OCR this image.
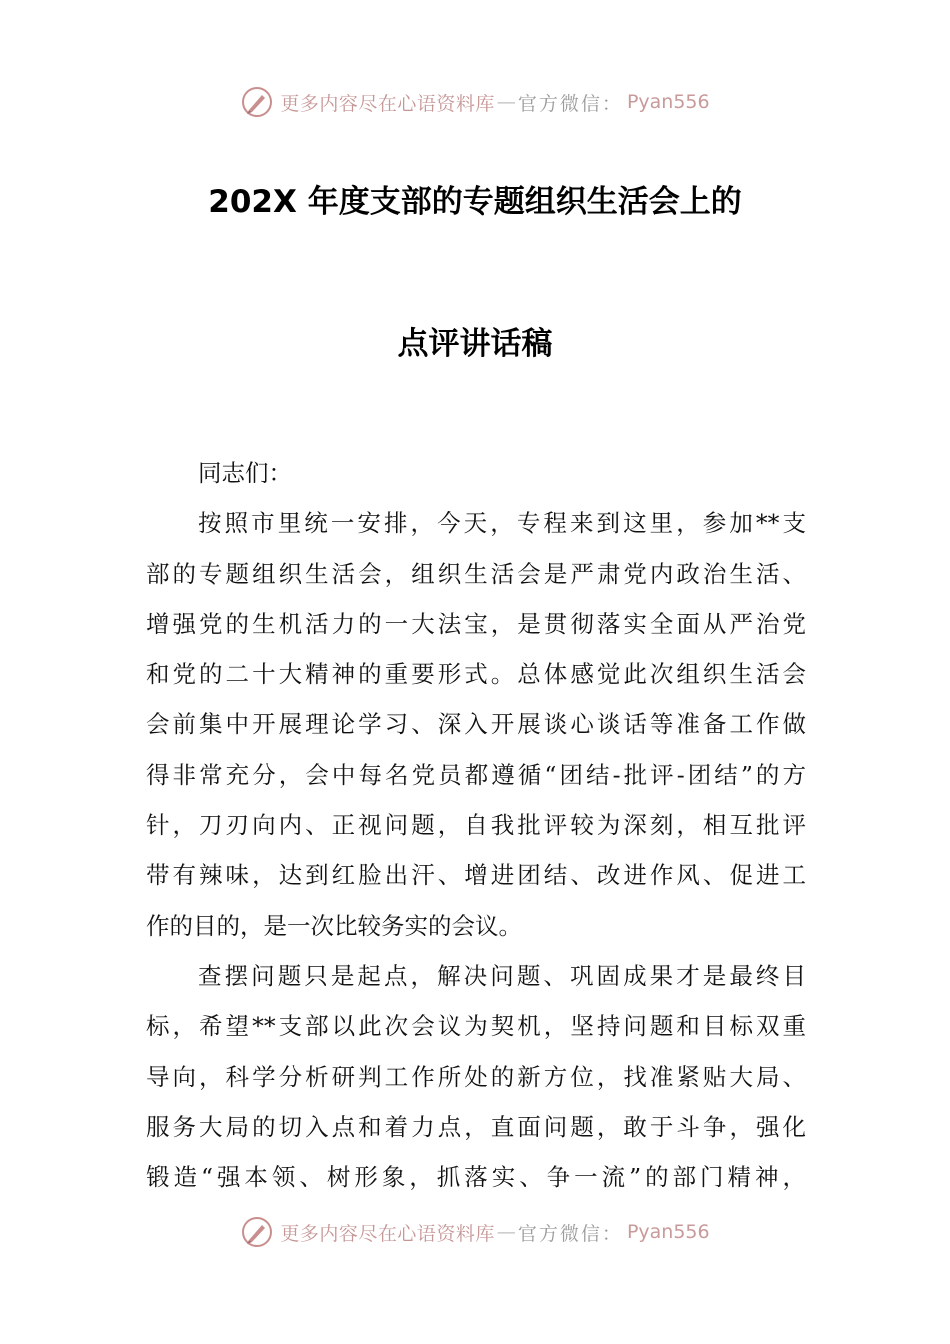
更多内容尽在心语资料库 — 官方微信： Pyan556
202X 年度支部的专题组织生活会上的
点评讲话稿
同志们：
按照市里统一安排，今天，专程来到这里，参加**支
部的专题组织生活会，组织生活会是严肃党内政治生活、
增强党的生机活力的一大法宝，是贯彻落实全面从严治党
和党的二十大精神的重要形式。总体感觉此次组织生活会
会前集中开展理论学习、深入开展谈心谈话等准备工作做
得非常充分，会中每名党员都遵循“团结-批评-团结”的方
针，刀刃向内、正视问题，自我批评较为深刻，相互批评
带有辣味，达到红脸出汗、增进团结、改进作风、促进工
作的目的，是一次比较务实的会议。
查摆问题只是起点，解决问题、巩固成果才是最终目
标，希望**支部以此次会议为契机，坚持问题和目标双重
导向，科学分析研判工作所处的新方位，找准紧贴大局、
服务大局的切入点和着力点，直面问题，敢于斗争，强化
锻造“强本领、树形象，抓落实、争一流”的部门精神，
更多内容尽在心语资料库 — 官方微信： Pyan556
